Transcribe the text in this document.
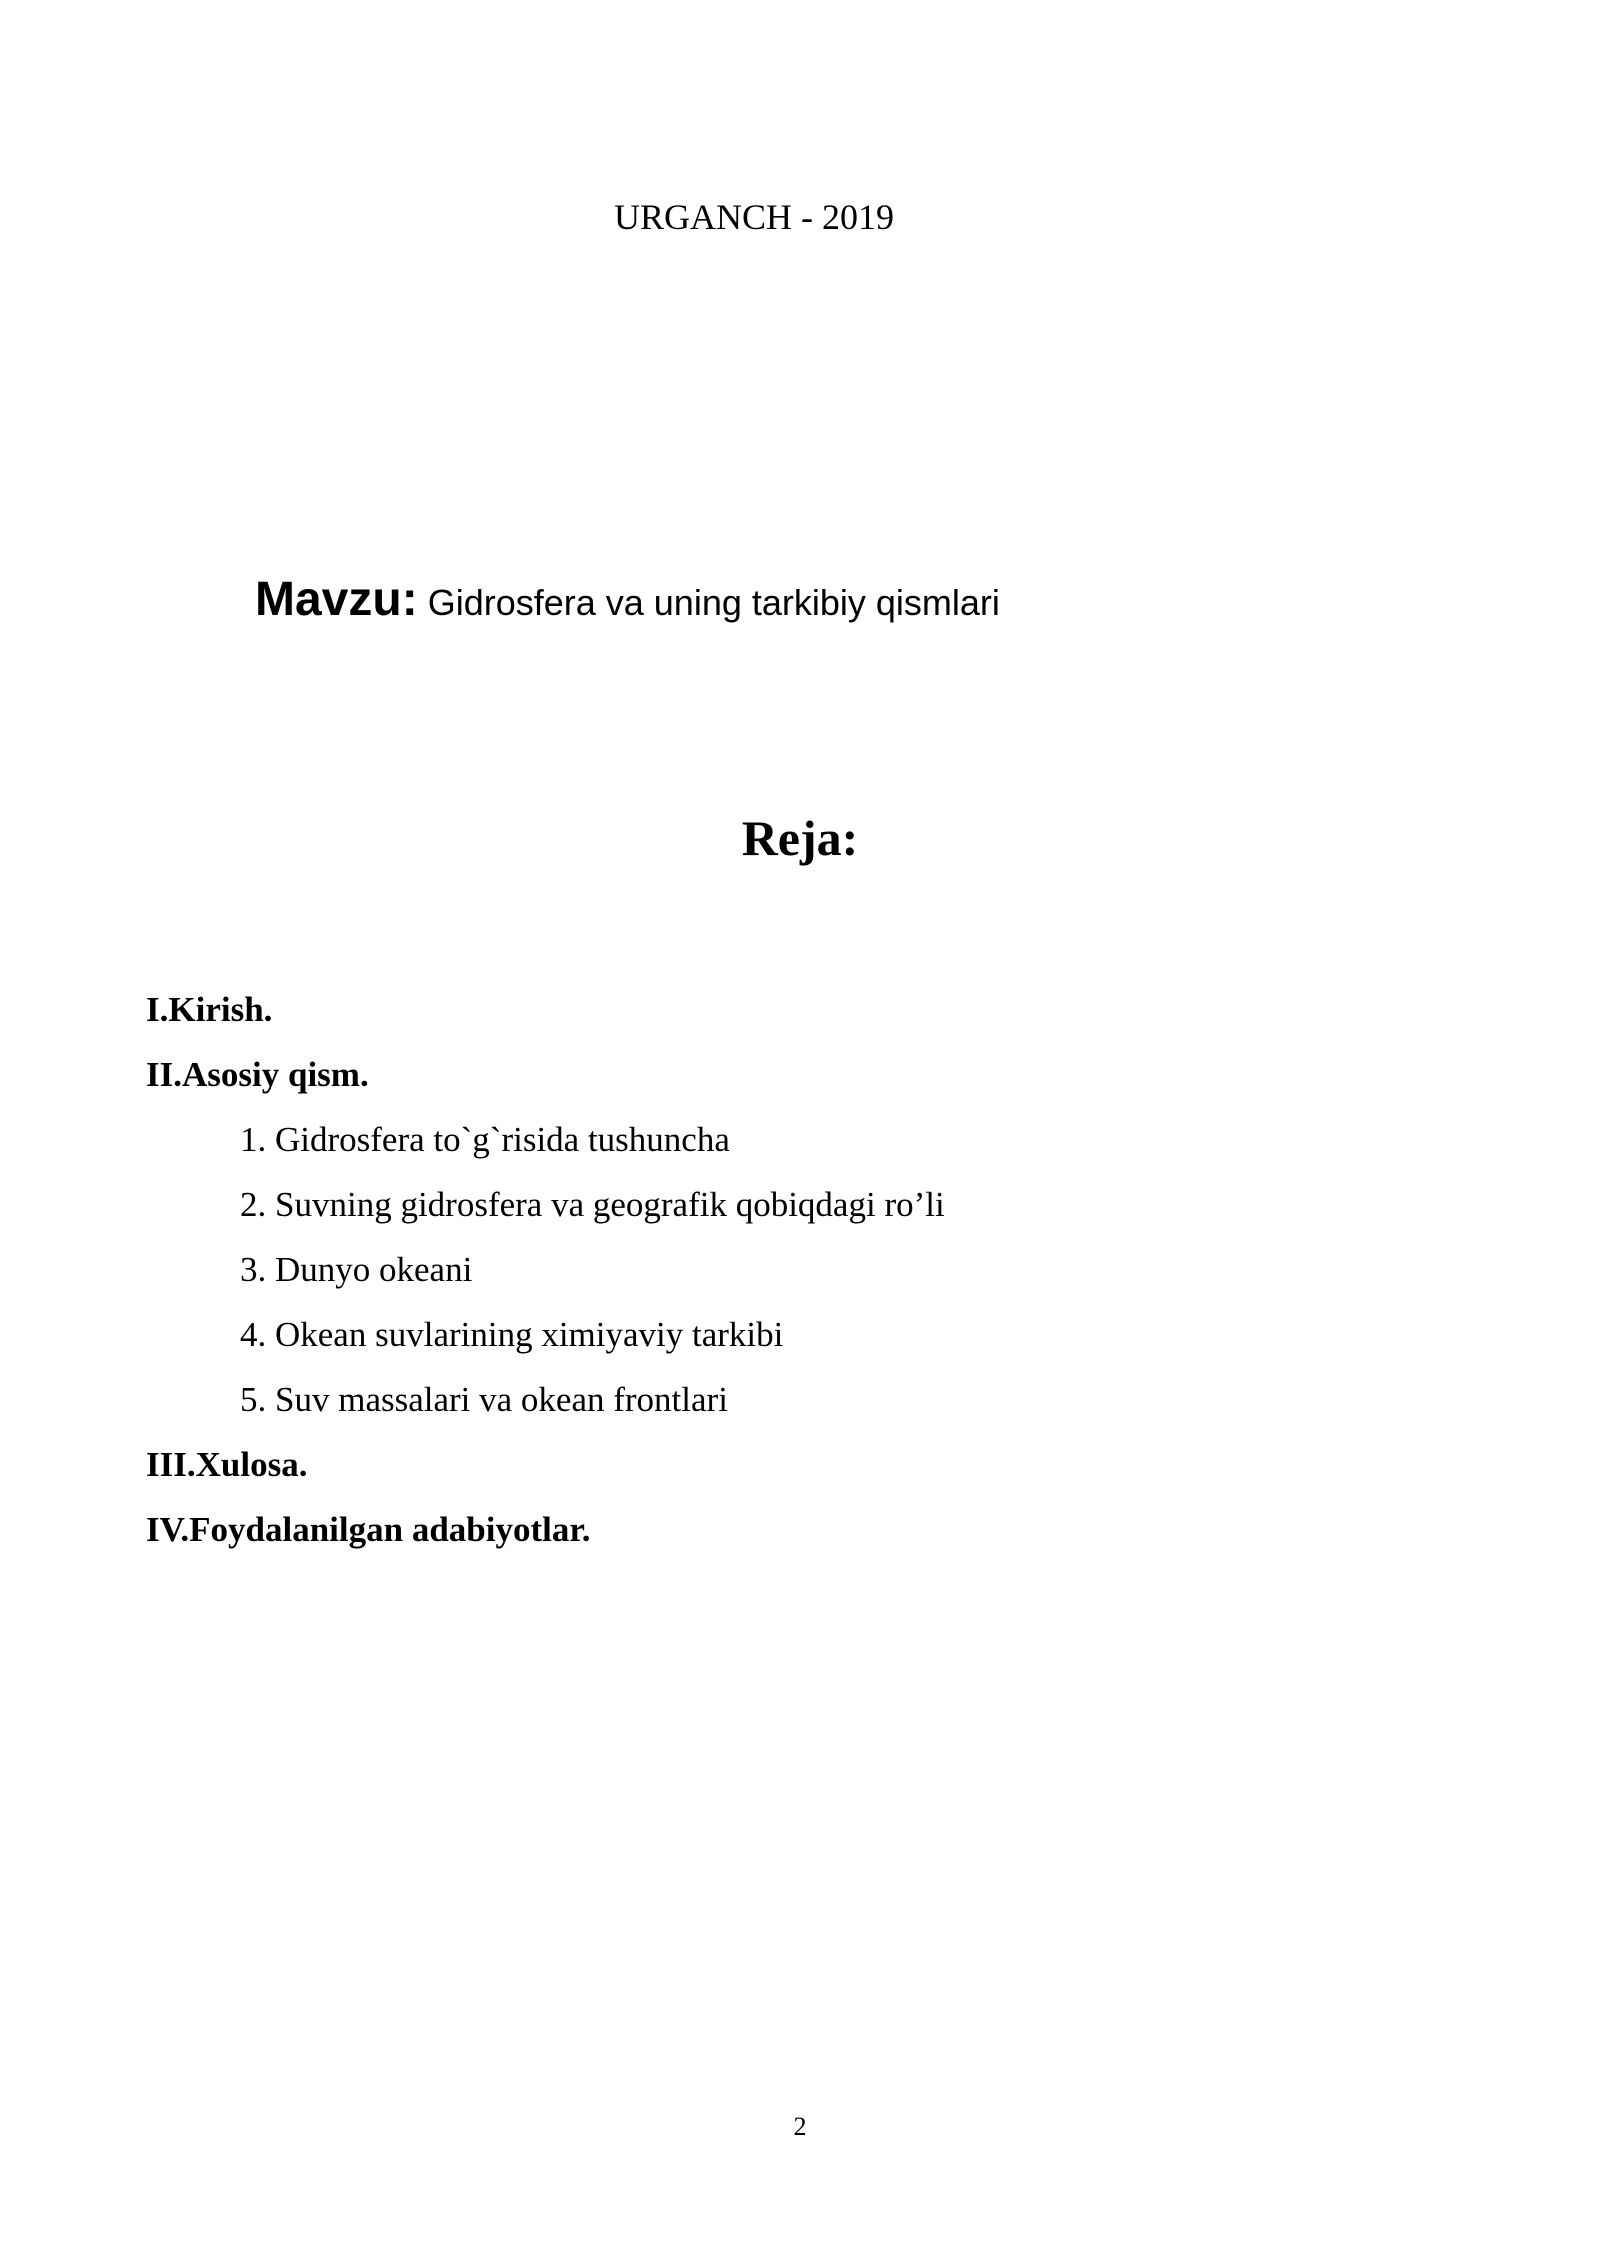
URGANCH - 2019
Mavzu: Gidrosfera va uning tarkibiy qismlari
Reja:
I.Kirish.
II.Asosiy qism.
1. Gidrosfera to`g`risida tushuncha
2. Suvning gidrosfera va geografik qobiqdagi ro’li
3. Dunyo okeani
4. Okean suvlarining ximiyaviy tarkibi
5. Suv massalari va okean frontlari
III.Xulosa.
IV.Foydalanilgan adabiyotlar.
2
